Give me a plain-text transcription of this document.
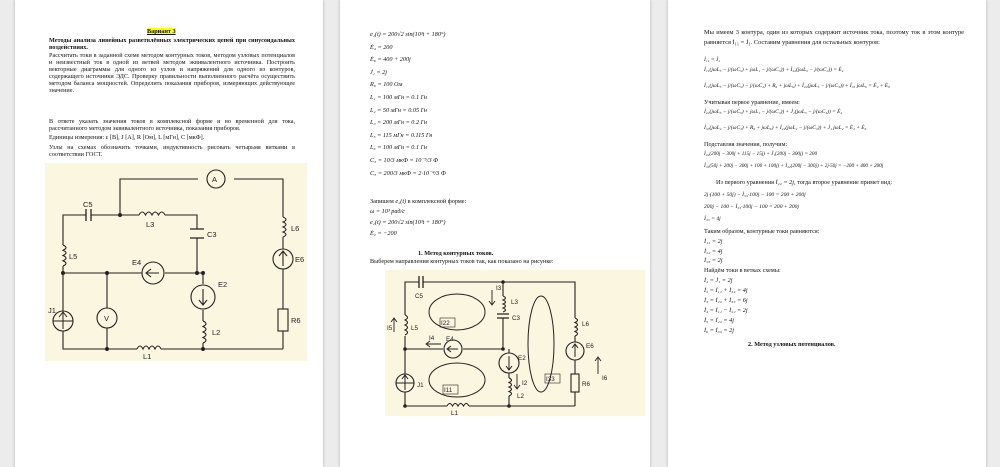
Вариант 3
Методы анализа линейных разветвлённых электрических цепей при синусоидальных воздействиях.
Рассчитать токи в заданной схеме методом контурных токов, методом узловых потенциалов и неизвестный ток в одной из ветвей методом эквивалентного источника. Построить векторные диаграммы для одного из узлов и напряжений для одного из контуров, содержащего источники ЭДС. Проверку правильности выполненного расчёта осуществить методом баланса мощностей. Определить показания приборов, измеряющих действующее значение.
В ответе указать значения токов в комплексной форме и во временной для тока, рассчитанного методом эквивалентного источника, показания приборов.
Единицы измерения: ε [В], J [А], R [Ом], L [мГн], C [мкФ].
Узлы на схемах обозначить точками, индуктивность рисовать четырьмя витками в соответствии ГОСТ.
A
C5
L3
C3
L6
L5
E4
E2
E6
J1
V
L2
R6
L1
Запишем e₂(t) в комплексной форме:
1. Метод контурных токов.
Выберем направления контурных токов так, как показано на рисунке:
C5
I3
L3
C3
L6
I5	L5
I22
I4 E4
E2
E6
J1	I2
I33
R6
I6
I11
L2
L1
e₂(t) = 200√2 sin(10³t + 180°)
Ė₄ = 200
Ė₆ = 400 + 200j
J̇₁ = 2j
R₆ = 100 Ом
L₁ = 100 мГн = 0.1 Гн
L₂ = 50 мГн = 0.05 Гн
L₃ = 200 мГн = 0.2 Гн
L₅ = 115 мГн = 0.115 Гн
L₆ = 100 мГн = 0.1 Гн
C₃ = 10/3 мкФ = 10⁻⁵/3 Ф
C₅ = 200/3 мкФ = 2·10⁻⁴/3 Ф
ω = 10³ рад/с
e₂(t) = 200√2 sin(10³t + 180°)
Ė₂ = −200
Мы имеем 3 контура, один из которых содержит источник тока, поэтому ток в этом контуре равняется İ₁₁ = J̇₁. Составим уравнения для остальных контуров:
İ₁₁ = J̇₁
İ₁₁(jωL₅ − j/(ωC₅) + jωL₁ − j/(ωC₃)) + İ₂₂(jωL₅ − j/(ωC₃)) = Ė₄
İ₁₁(jωL₅ − j/(ωC₅) − j/(ωC₃) + R₆ + jωL₆) + İ₂₂(jωL₅ − j/(ωC₃)) + İ₃₃ jωL₆ = Ė₂ + Ė₆
Учитывая первое уравнение, имеем:
İ₂₂(jωL₅ − j/(ωC₅) + jωL₁ − j/(ωC₃)) + J̇₁(jωL₅ − j/(ωC₃)) = Ė₄
İ₃₃(jωL₂ − j/(ωC₃) + R₆ + jωL₆) + İ₂₂(jωL₂ − j/(ωC₃)) + J̇₁ jωL₂ = Ė₂ + Ė₆
Подставляя значения, получим:
İ₂₂(200j − 300j + 115j − 15j) + J̇₁(200j − 300j) = 200
İ₃₃(50j + 200j − 300j + 100 + 100j) + İ₂₂(200j − 300j) + 2j·50j = −200 + 400 + 200j
Из первого уравнения İ₂₂ = 2j, тогда второе уравнение примет вид:
2j·(100 + 50j) − İ₃₃·100j − 100 = 200 + 200j
200j − 100 − İ₃₃·100j − 100 = 200 + 200j
İ₃₃ = 4j
Таким образом, контурные токи равняются:
İ₁₁ = 2j
İ₂₂ = 4j
İ₃₃ = 2j
Найдём токи в ветках схемы:
İ₁ = J̇₁ = 2j
İ₂ = İ₁₁ + İ₃₃ = 4j
İ₃ = İ₂₂ + İ₃₃ = 6j
İ₄ = İ₁₁ − İ₂₂ = 2j
İ₅ = İ₂₂ = 4j
İ₆ = İ₃₃ = 2j
2. Метод узловых потенциалов.
